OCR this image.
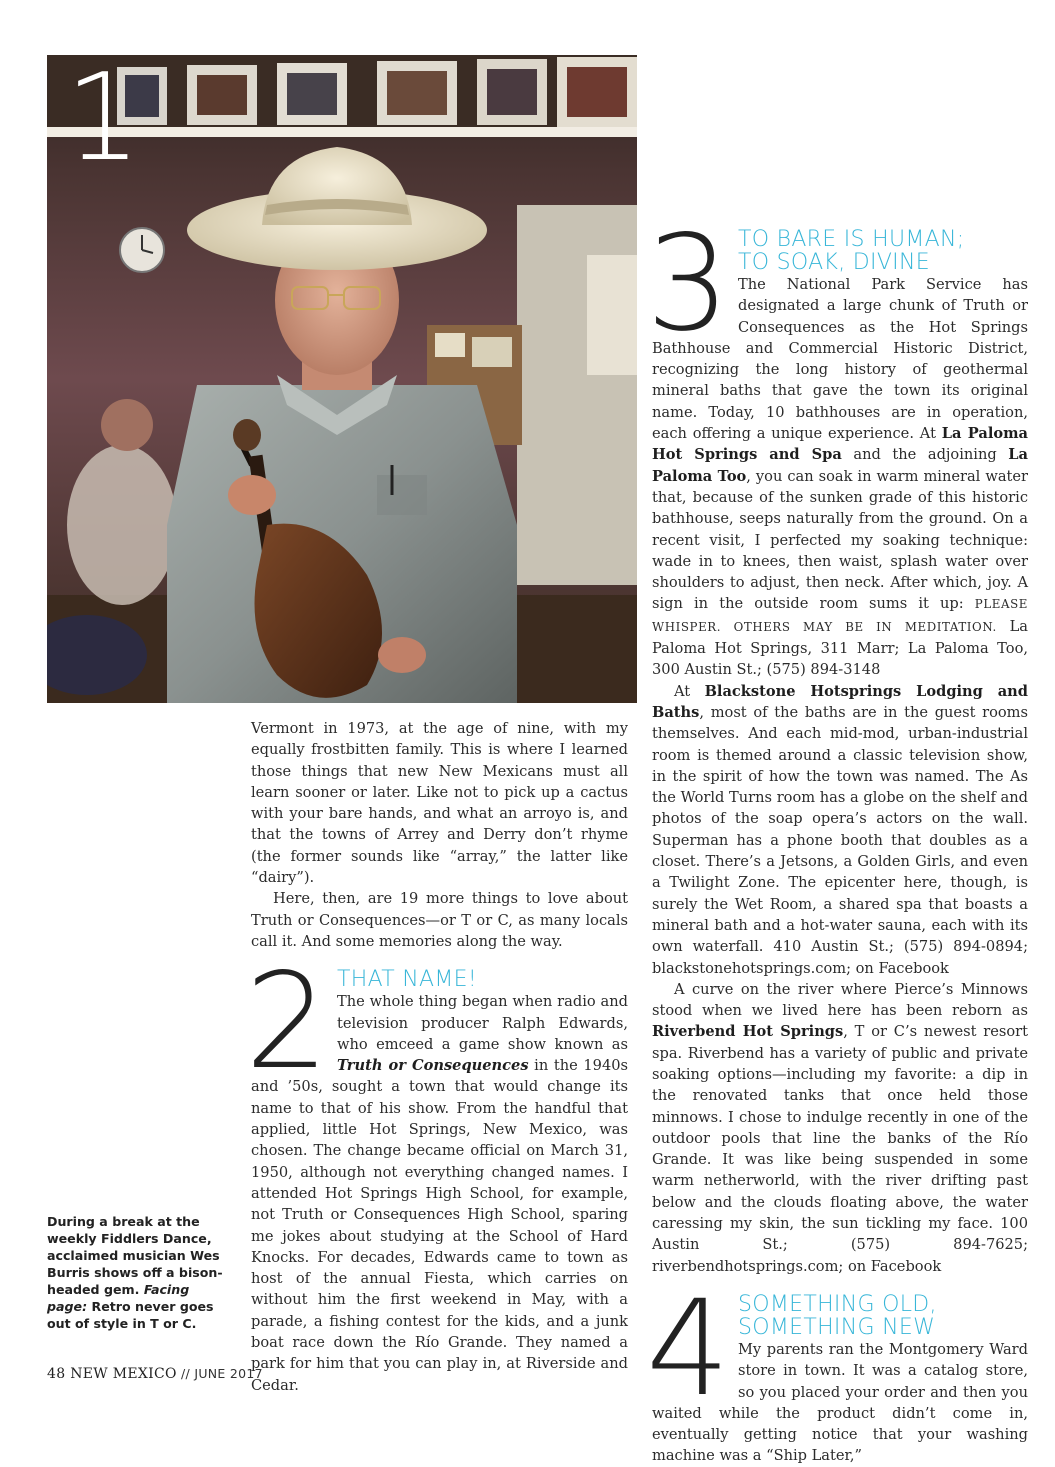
1

Vermont in 1973, at the age of nine, with my equally frostbitten family. This is where I learned those things that new New Mexicans must all learn sooner or later. Like not to pick up a cactus with your bare hands, and what an arroyo is, and that the towns of Arrey and Derry don’t rhyme (the former sounds like “array,” the latter like “dairy”).

Here, then, are 19 more things to love about Truth or Consequences—or T or C, as many locals call it. And some memories along the way.

2 THAT NAME!

The whole thing began when radio and television producer Ralph Edwards, who emceed a game show known as Truth or Consequences in the 1940s and ’50s, sought a town that would change its name to that of his show. From the handful that applied, little Hot Springs, New Mexico, was chosen. The change became official on March 31, 1950, although not everything changed names. I attended Hot Springs High School, for example, not Truth or Consequences High School, sparing me jokes about studying at the School of Hard Knocks. For decades, Edwards came to town as host of the annual Fiesta, which carries on without him the first weekend in May, with a parade, a fishing contest for the kids, and a junk boat race down the Río Grande. They named a park for him that you can play in, at Riverside and Cedar.

3 TO BARE IS HUMAN;
TO SOAK, DIVINE

The National Park Service has designated a large chunk of Truth or Consequences as the Hot Springs Bathhouse and Commercial Historic District, recognizing the long history of geothermal mineral baths that gave the town its original name. Today, 10 bathhouses are in operation, each offering a unique experience. At La Paloma Hot Springs and Spa and the adjoining La Paloma Too, you can soak in warm mineral water that, because of the sunken grade of this historic bathhouse, seeps naturally from the ground. On a recent visit, I perfected my soaking technique: wade in to knees, then waist, splash water over shoulders to adjust, then neck. After which, joy. A sign in the outside room sums it up: PLEASE WHISPER. OTHERS MAY BE IN MEDITATION. La Paloma Hot Springs, 311 Marr; La Paloma Too, 300 Austin St.; (575) 894-3148

At Blackstone Hotsprings Lodging and Baths, most of the baths are in the guest rooms themselves. And each mid-mod, urban-industrial room is themed around a classic television show, in the spirit of how the town was named. The As the World Turns room has a globe on the shelf and photos of the soap opera’s actors on the wall. Superman has a phone booth that doubles as a closet. There’s a Jetsons, a Golden Girls, and even a Twilight Zone. The epicenter here, though, is surely the Wet Room, a shared spa that boasts a mineral bath and a hot-water sauna, each with its own waterfall. 410 Austin St.; (575) 894-0894; blackstonehotsprings.com; on Facebook

A curve on the river where Pierce’s Minnows stood when we lived here has been reborn as Riverbend Hot Springs, T or C’s newest resort spa. Riverbend has a variety of public and private soaking options—including my favorite: a dip in the renovated tanks that once held those minnows. I chose to indulge recently in one of the outdoor pools that line the banks of the Río Grande. It was like being suspended in some warm netherworld, with the river drifting past below and the clouds floating above, the water caressing my skin, the sun tickling my face. 100 Austin St.; (575) 894-7625; riverbendhotsprings.com; on Facebook

4 SOMETHING OLD,
SOMETHING NEW

My parents ran the Montgomery Ward store in town. It was a catalog store, so you placed your order and then you waited while the product didn’t come in, eventually getting notice that your washing machine was a “Ship Later,”

During a break at the weekly Fiddlers Dance, acclaimed musician Wes Burris shows off a bison-headed gem. Facing page: Retro never goes out of style in T or C.
48 NEW MEXICO // JUNE 2017
